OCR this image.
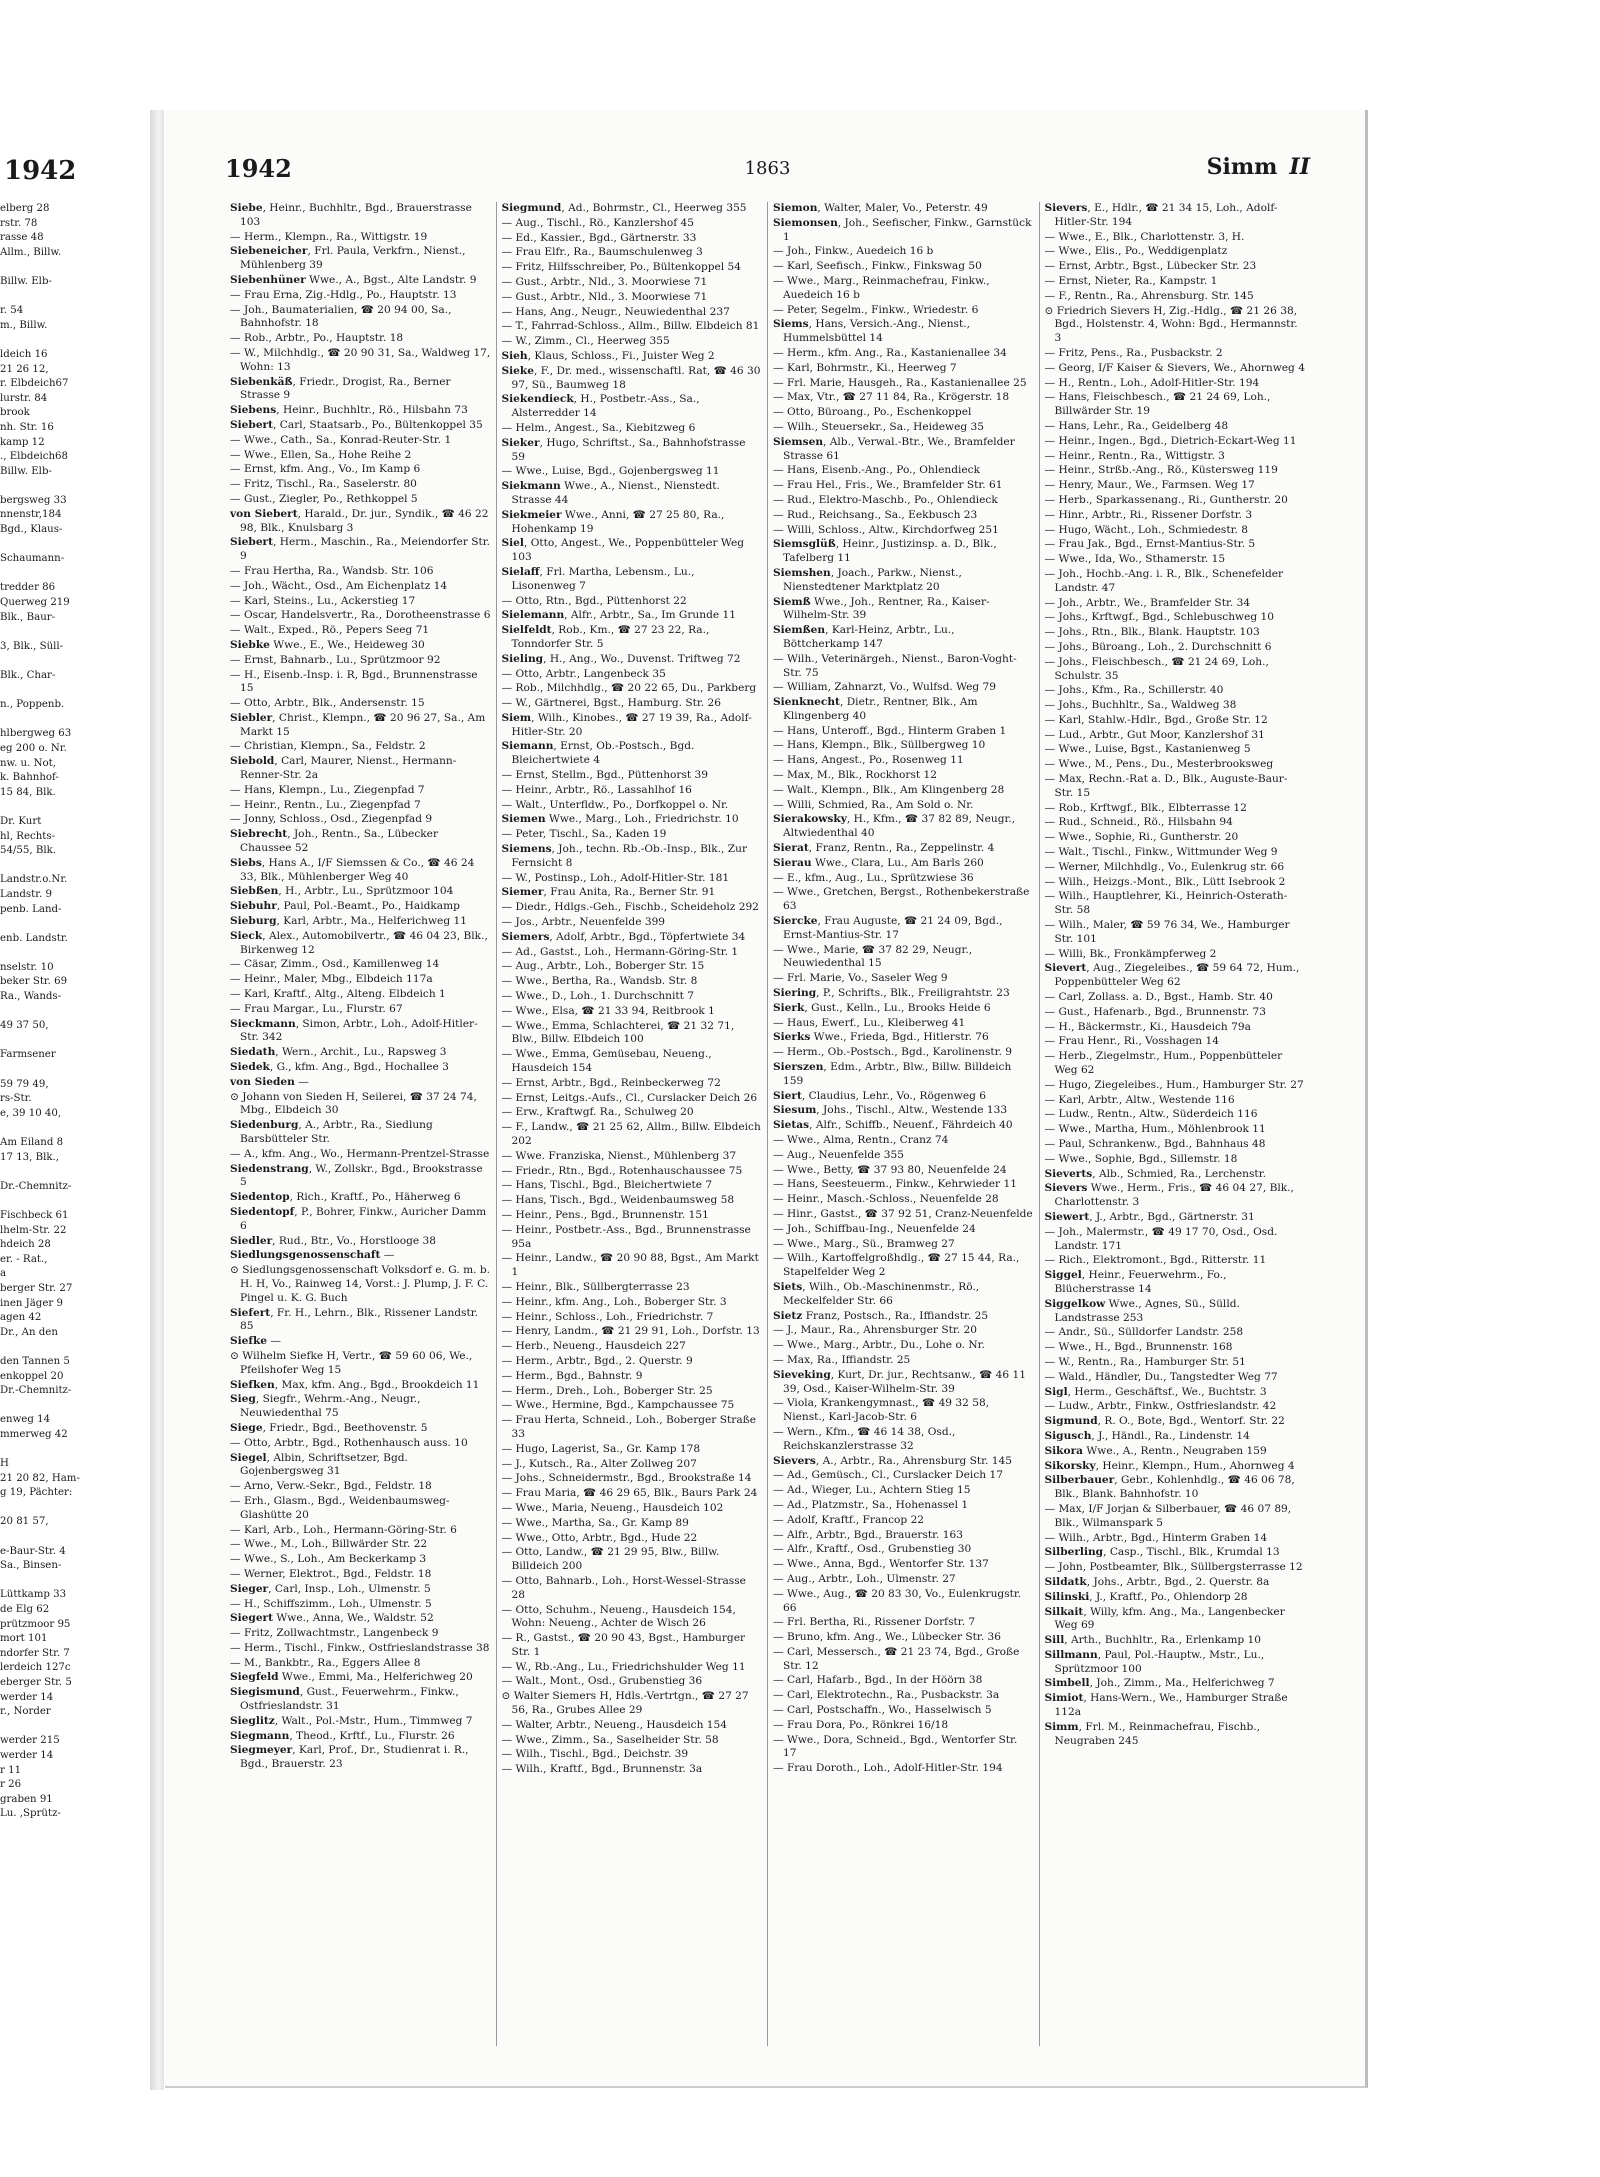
1942
elberg 28
rstr. 78
rasse 48
Allm., Billw.

Billw. Elb-

r. 54
m., Billw.

ldeich 16
21 26 12,
r. Elbdeich67
lurstr. 84
brook
nh. Str. 16
kamp 12
., Elbdeich68
Billw. Elb-

bergsweg 33
nnenstr,184
Bgd., Klaus-

Schaumann-

tredder 86
Querweg 219
Blk., Baur-

3, Blk., Süll-

Blk., Char-

n., Poppenb.

hlbergweg 63
eg 200 o. Nr.
nw. u. Not,
k. Bahnhof-
15 84, Blk.

Dr. Kurt
hl, Rechts-
54/55, Blk.

Landstr.o.Nr.
Landstr. 9
penb. Land-

enb. Landstr.

nselstr. 10
beker Str. 69
Ra., Wands-

49 37 50,

Farmsener

59 79 49,
rs-Str.
e, 39 10 40,

Am Eiland 8
17 13, Blk.,

Dr.-Chemnitz-

Fischbeck 61
lhelm-Str. 22
hdeich 28
er. - Rat.,
a
berger Str. 27
inen Jäger 9
agen 42
Dr., An den

den Tannen 5
enkoppel 20
Dr.-Chemnitz-

enweg 14
mmerweg 42

H
21 20 82, Ham-
g 19, Pächter:

20 81 57,

e-Baur-Str. 4
Sa., Binsen-

Lüttkamp 33
de Elg 62
prützmoor 95
mort 101
ndorfer Str. 7
lerdeich 127c
eberger Str. 5
werder 14
r., Norder

werder 215
werder 14
r 11
r 26
graben 91
Lu. ,Sprütz-
1942	1863	Simm II

Siebe, Heinr., Buchhltr., Bgd., Brauerstrasse 103

— Herm., Klempn., Ra., Wittigstr. 19

Siebeneicher, Frl. Paula, Verkfrn., Nienst., Mühlenberg 39

Siebenhüner Wwe., A., Bgst., Alte Landstr. 9

— Frau Erna, Zig.-Hdlg., Po., Hauptstr. 13

— Joh., Baumaterialien, ☎ 20 94 00, Sa., Bahnhofstr. 18

— Rob., Arbtr., Po., Hauptstr. 18

— W., Milchhdlg., ☎ 20 90 31, Sa., Waldweg 17, Wohn: 13

Siebenkäß, Friedr., Drogist, Ra., Berner Strasse 9

Siebens, Heinr., Buchhltr., Rö., Hilsbahn 73

Siebert, Carl, Staatsarb., Po., Bültenkoppel 35

— Wwe., Cath., Sa., Konrad-Reuter-Str. 1

— Wwe., Ellen, Sa., Hohe Reihe 2

— Ernst, kfm. Ang., Vo., Im Kamp 6

— Fritz, Tischl., Ra., Saselerstr. 80

— Gust., Ziegler, Po., Rethkoppel 5

von Siebert, Harald., Dr. jur., Syndik., ☎ 46 22 98, Blk., Knulsbarg 3

Siebert, Herm., Maschin., Ra., Meiendorfer Str. 9

— Frau Hertha, Ra., Wandsb. Str. 106

— Joh., Wächt., Osd., Am Eichenplatz 14

— Karl, Steins., Lu., Ackerstieg 17

— Oscar, Handelsvertr., Ra., Dorotheenstrasse 6

— Walt., Exped., Rö., Pepers Seeg 71

Siebke Wwe., E., We., Heideweg 30

— Ernst, Bahnarb., Lu., Sprützmoor 92

— H., Eisenb.-Insp. i. R, Bgd., Brunnenstrasse 15

— Otto, Arbtr., Blk., Andersenstr. 15

Siebler, Christ., Klempn., ☎ 20 96 27, Sa., Am Markt 15

— Christian, Klempn., Sa., Feldstr. 2

Siebold, Carl, Maurer, Nienst., Hermann-Renner-Str. 2a

— Hans, Klempn., Lu., Ziegenpfad 7

— Heinr., Rentn., Lu., Ziegenpfad 7

— Jonny, Schloss., Osd., Ziegenpfad 9

Siebrecht, Joh., Rentn., Sa., Lübecker Chaussee 52

Siebs, Hans A., I/F Siemssen & Co., ☎ 46 24 33, Blk., Mühlenberger Weg 40

Siebßen, H., Arbtr., Lu., Sprützmoor 104

Siebuhr, Paul, Pol.-Beamt., Po., Haidkamp

Sieburg, Karl, Arbtr., Ma., Helferichweg 11

Sieck, Alex., Automobilvertr., ☎ 46 04 23, Blk., Birkenweg 12

— Cäsar, Zimm., Osd., Kamillenweg 14

— Heinr., Maler, Mbg., Elbdeich 117a

— Karl, Kraftf., Altg., Alteng. Elbdeich 1

— Frau Margar., Lu., Flurstr. 67

Sieckmann, Simon, Arbtr., Loh., Adolf-Hitler-Str. 342

Siedath, Wern., Archit., Lu., Rapsweg 3

Siedek, G., kfm. Ang., Bgd., Hochallee 3

von Sieden —

⊙ Johann von Sieden H, Seilerei, ☎ 37 24 74, Mbg., Elbdeich 30

Siedenburg, A., Arbtr., Ra., Siedlung Barsbütteler Str.

— A., kfm. Ang., Wo., Hermann-Prentzel-Strasse

Siedenstrang, W., Zollskr., Bgd., Brookstrasse 5

Siedentop, Rich., Kraftf., Po., Häherweg 6

Siedentopf, P., Bohrer, Finkw., Auricher Damm 6

Siedler, Rud., Btr., Vo., Horstlooge 38

Siedlungsgenossenschaft —

⊙ Siedlungsgenossenschaft Volksdorf e. G. m. b. H. H, Vo., Rainweg 14, Vorst.: J. Plump, J. F. C. Pingel u. K. G. Buch

Siefert, Fr. H., Lehrn., Blk., Rissener Landstr. 85

Siefke —

⊙ Wilhelm Siefke H, Vertr., ☎ 59 60 06, We., Pfeilshofer Weg 15

Siefken, Max, kfm. Ang., Bgd., Brookdeich 11

Sieg, Siegfr., Wehrm.-Ang., Neugr., Neuwiedenthal 75

Siege, Friedr., Bgd., Beethovenstr. 5

— Otto, Arbtr., Bgd., Rothenhausch auss. 10

Siegel, Albin, Schriftsetzer, Bgd. Gojenbergsweg 31

— Arno, Verw.-Sekr., Bgd., Feldstr. 18

— Erh., Glasm., Bgd., Weidenbaumsweg-Glashütte 20

— Karl, Arb., Loh., Hermann-Göring-Str. 6

— Wwe., M., Loh., Billwärder Str. 22

— Wwe., S., Loh., Am Beckerkamp 3

— Werner, Elektrot., Bgd., Feldstr. 18

Sieger, Carl, Insp., Loh., Ulmenstr. 5

— H., Schiffszimm., Loh., Ulmenstr. 5

Siegert Wwe., Anna, We., Waldstr. 52

— Fritz, Zollwachtmstr., Langenbeck 9

— Herm., Tischl., Finkw., Ostfrieslandstrasse 38

— M., Bankbtr., Ra., Eggers Allee 8

Siegfeld Wwe., Emmi, Ma., Helferichweg 20

Siegismund, Gust., Feuerwehrm., Finkw., Ostfrieslandstr. 31

Sieglitz, Walt., Pol.-Mstr., Hum., Timmweg 7

Siegmann, Theod., Krftf., Lu., Flurstr. 26

Siegmeyer, Karl, Prof., Dr., Studienrat i. R., Bgd., Brauerstr. 23

Siegmund, Ad., Bohrmstr., Cl., Heerweg 355

— Aug., Tischl., Rö., Kanzlershof 45

— Ed., Kassier., Bgd., Gärtnerstr. 33

— Frau Elfr., Ra., Baumschulenweg 3

— Fritz, Hilfsschreiber, Po., Bültenkoppel 54

— Gust., Arbtr., Nld., 3. Moorwiese 71

— Gust., Arbtr., Nld., 3. Moorwiese 71

— Hans, Ang., Neugr., Neuwiedenthal 237

— T., Fahrrad-Schloss., Allm., Billw. Elbdeich 81

— W., Zimm., Cl., Heerweg 355

Sieh, Klaus, Schloss., Fi., Juister Weg 2

Sieke, F., Dr. med., wissenschaftl. Rat, ☎ 46 30 97, Sü., Baumweg 18

Siekendieck, H., Postbetr.-Ass., Sa., Alsterredder 14

— Helm., Angest., Sa., Kiebitzweg 6

Sieker, Hugo, Schriftst., Sa., Bahnhofstrasse 59

— Wwe., Luise, Bgd., Gojenbergsweg 11

Siekmann Wwe., A., Nienst., Nienstedt. Strasse 44

Siekmeier Wwe., Anni, ☎ 27 25 80, Ra., Hohenkamp 19

Siel, Otto, Angest., We., Poppenbütteler Weg 103

Sielaff, Frl. Martha, Lebensm., Lu., Lisonenweg 7

— Otto, Rtn., Bgd., Püttenhorst 22

Sielemann, Alfr., Arbtr., Sa., Im Grunde 11

Sielfeldt, Rob., Km., ☎ 27 23 22, Ra., Tonndorfer Str. 5

Sieling, H., Ang., Wo., Duvenst. Triftweg 72

— Otto, Arbtr., Langenbeck 35

— Rob., Milchhdlg., ☎ 20 22 65, Du., Parkberg

— W., Gärtnerei, Bgst., Hamburg. Str. 26

Siem, Wilh., Kinobes., ☎ 27 19 39, Ra., Adolf-Hitler-Str. 20

Siemann, Ernst, Ob.-Postsch., Bgd. Bleichertwiete 4

— Ernst, Stellm., Bgd., Püttenhorst 39

— Heinr., Arbtr., Rö., Lassahlhof 16

— Walt., Unterfldw., Po., Dorfkoppel o. Nr.

Siemen Wwe., Marg., Loh., Friedrichstr. 10

— Peter, Tischl., Sa., Kaden 19

Siemens, Joh., techn. Rb.-Ob.-Insp., Blk., Zur Fernsicht 8

— W., Postinsp., Loh., Adolf-Hitler-Str. 181

Siemer, Frau Anita, Ra., Berner Str. 91

— Diedr., Hdlgs.-Geh., Fischb., Scheideholz 292

— Jos., Arbtr., Neuenfelde 399

Siemers, Adolf, Arbtr., Bgd., Töpfertwiete 34

— Ad., Gastst., Loh., Hermann-Göring-Str. 1

— Aug., Arbtr., Loh., Boberger Str. 15

— Wwe., Bertha, Ra., Wandsb. Str. 8

— Wwe., D., Loh., 1. Durchschnitt 7

— Wwe., Elsa, ☎ 21 33 94, Reitbrook 1

— Wwe., Emma, Schlachterei, ☎ 21 32 71, Blw., Billw. Elbdeich 100

— Wwe., Emma, Gemüsebau, Neueng., Hausdeich 154

— Ernst, Arbtr., Bgd., Reinbeckerweg 72

— Ernst, Leitgs.-Aufs., Cl., Curslacker Deich 26

— Erw., Kraftwgf. Ra., Schulweg 20

— F., Landw., ☎ 21 25 62, Allm., Billw. Elbdeich 202

— Wwe. Franziska, Nienst., Mühlenberg 37

— Friedr., Rtn., Bgd., Rotenhauschaussee 75

— Hans, Tischl., Bgd., Bleichertwiete 7

— Hans, Tisch., Bgd., Weidenbaumsweg 58

— Heinr., Pens., Bgd., Brunnenstr. 151

— Heinr., Postbetr.-Ass., Bgd., Brunnenstrasse 95a

— Heinr., Landw., ☎ 20 90 88, Bgst., Am Markt 1

— Heinr., Blk., Süllbergterrasse 23

— Heinr., kfm. Ang., Loh., Boberger Str. 3

— Heinr., Schloss., Loh., Friedrichstr. 7

— Henry, Landm., ☎ 21 29 91, Loh., Dorfstr. 13

— Herb., Neueng., Hausdeich 227

— Herm., Arbtr., Bgd., 2. Querstr. 9

— Herm., Bgd., Bahnstr. 9

— Herm., Dreh., Loh., Boberger Str. 25

— Wwe., Hermine, Bgd., Kampchaussee 75

— Frau Herta, Schneid., Loh., Boberger Straße 33

— Hugo, Lagerist, Sa., Gr. Kamp 178

— J., Kutsch., Ra., Alter Zollweg 207

— Johs., Schneidermstr., Bgd., Brookstraße 14

— Frau Maria, ☎ 46 29 65, Blk., Baurs Park 24

— Wwe., Maria, Neueng., Hausdeich 102

— Wwe., Martha, Sa., Gr. Kamp 89

— Wwe., Otto, Arbtr., Bgd., Hude 22

— Otto, Landw., ☎ 21 29 95, Blw., Billw. Billdeich 200

— Otto, Bahnarb., Loh., Horst-Wessel-Strasse 28

— Otto, Schuhm., Neueng., Hausdeich 154, Wohn: Neueng., Achter de Wisch 26

— R., Gastst., ☎ 20 90 43, Bgst., Hamburger Str. 1

— W., Rb.-Ang., Lu., Friedrichshulder Weg 11

— Walt., Mont., Osd., Grubenstieg 36

⊙ Walter Siemers H, Hdls.-Vertrtgn., ☎ 27 27 56, Ra., Grubes Allee 29

— Walter, Arbtr., Neueng., Hausdeich 154

— Wwe., Zimm., Sa., Saselheider Str. 58

— Wilh., Tischl., Bgd., Deichstr. 39

— Wilh., Kraftf., Bgd., Brunnenstr. 3a

Siemon, Walter, Maler, Vo., Peterstr. 49

Siemonsen, Joh., Seefischer, Finkw., Garnstück 1

— Joh., Finkw., Auedeich 16 b

— Karl, Seefisch., Finkw., Finkswag 50

— Wwe., Marg., Reinmachefrau, Finkw., Auedeich 16 b

— Peter, Segelm., Finkw., Wriedestr. 6

Siems, Hans, Versich.-Ang., Nienst., Hummelsbüttel 14

— Herm., kfm. Ang., Ra., Kastanienallee 34

— Karl, Bohrmstr., Ki., Heerweg 7

— Frl. Marie, Hausgeh., Ra., Kastanienallee 25

— Max, Vtr., ☎ 27 11 84, Ra., Krögerstr. 18

— Otto, Büroang., Po., Eschenkoppel

— Wilh., Steuersekr., Sa., Heideweg 35

Siemsen, Alb., Verwal.-Btr., We., Bramfelder Strasse 61

— Hans, Eisenb.-Ang., Po., Ohlendieck

— Frau Hel., Fris., We., Bramfelder Str. 61

— Rud., Elektro-Maschb., Po., Ohlendieck

— Rud., Reichsang., Sa., Eekbusch 23

— Willi, Schloss., Altw., Kirchdorfweg 251

Siemsglüß, Heinr., Justizinsp. a. D., Blk., Tafelberg 11

Siemshen, Joach., Parkw., Nienst., Nienstedtener Marktplatz 20

Siemß Wwe., Joh., Rentner, Ra., Kaiser-Wilhelm-Str. 39

Siemßen, Karl-Heinz, Arbtr., Lu., Böttcherkamp 147

— Wilh., Veterinärgeh., Nienst., Baron-Voght-Str. 75

— William, Zahnarzt, Vo., Wulfsd. Weg 79

Sienknecht, Dietr., Rentner, Blk., Am Klingenberg 40

— Hans, Unteroff., Bgd., Hinterm Graben 1

— Hans, Klempn., Blk., Süllbergweg 10

— Hans, Angest., Po., Rosenweg 11

— Max, M., Blk., Rockhorst 12

— Walt., Klempn., Blk., Am Klingenberg 28

— Willi, Schmied, Ra., Am Sold o. Nr.

Sierakowsky, H., Kfm., ☎ 37 82 89, Neugr., Altwiedenthal 40

Sierat, Franz, Rentn., Ra., Zeppelinstr. 4

Sierau Wwe., Clara, Lu., Am Barls 260

— E., kfm., Aug., Lu., Sprützwiese 36

— Wwe., Gretchen, Bergst., Rothenbekerstraße 63

Siercke, Frau Auguste, ☎ 21 24 09, Bgd., Ernst-Mantius-Str. 17

— Wwe., Marie, ☎ 37 82 29, Neugr., Neuwiedenthal 15

— Frl. Marie, Vo., Saseler Weg 9

Siering, P., Schrifts., Blk., Freiligrahtstr. 23

Sierk, Gust., Kelln., Lu., Brooks Heide 6

— Haus, Ewerf., Lu., Kleiberweg 41

Sierks Wwe., Frieda, Bgd., Hitlerstr. 76

— Herm., Ob.-Postsch., Bgd., Karolinenstr. 9

Sierszen, Edm., Arbtr., Blw., Billw. Billdeich 159

Siert, Claudius, Lehr., Vo., Rögenweg 6

Siesum, Johs., Tischl., Altw., Westende 133

Sietas, Alfr., Schiffb., Neuenf., Fährdeich 40

— Wwe., Alma, Rentn., Cranz 74

— Aug., Neuenfelde 355

— Wwe., Betty, ☎ 37 93 80, Neuenfelde 24

— Hans, Seesteuerm., Finkw., Kehrwieder 11

— Heinr., Masch.-Schloss., Neuenfelde 28

— Hinr., Gastst., ☎ 37 92 51, Cranz-Neuenfelde

— Joh., Schiffbau-Ing., Neuenfelde 24

— Wwe., Marg., Sü., Bramweg 27

— Wilh., Kartoffelgroßhdlg., ☎ 27 15 44, Ra., Stapelfelder Weg 2

Siets, Wilh., Ob.-Maschinenmstr., Rö., Meckelfelder Str. 66

Sietz Franz, Postsch., Ra., Iffiandstr. 25

— J., Maur., Ra., Ahrensburger Str. 20

— Wwe., Marg., Arbtr., Du., Lohe o. Nr.

— Max, Ra., Iffiandstr. 25

Sieveking, Kurt, Dr. jur., Rechtsanw., ☎ 46 11 39, Osd., Kaiser-Wilhelm-Str. 39

— Viola, Krankengymnast., ☎ 49 32 58, Nienst., Karl-Jacob-Str. 6

— Wern., Kfm., ☎ 46 14 38, Osd., Reichskanzlerstrasse 32

Sievers, A., Arbtr., Ra., Ahrensburg Str. 145

— Ad., Gemüsch., Cl., Curslacker Deich 17

— Ad., Wieger, Lu., Achtern Stieg 15

— Ad., Platzmstr., Sa., Hohenassel 1

— Adolf, Kraftf., Francop 22

— Alfr., Arbtr., Bgd., Brauerstr. 163

— Alfr., Kraftf., Osd., Grubenstieg 30

— Wwe., Anna, Bgd., Wentorfer Str. 137

— Aug., Arbtr., Loh., Ulmenstr. 27

— Wwe., Aug., ☎ 20 83 30, Vo., Eulenkrugstr. 66

— Frl. Bertha, Ri., Rissener Dorfstr. 7

— Bruno, kfm. Ang., We., Lübecker Str. 36

— Carl, Messersch., ☎ 21 23 74, Bgd., Große Str. 12

— Carl, Hafarb., Bgd., In der Höörn 38

— Carl, Elektrotechn., Ra., Pusbackstr. 3a

— Carl, Postschaffn., Wo., Hasselwisch 5

— Frau Dora, Po., Rönkrei 16/18

— Wwe., Dora, Schneid., Bgd., Wentorfer Str. 17

— Frau Doroth., Loh., Adolf-Hitler-Str. 194

Sievers, E., Hdlr., ☎ 21 34 15, Loh., Adolf-Hitler-Str. 194

— Wwe., E., Blk., Charlottenstr. 3, H.

— Wwe., Elis., Po., Weddigenplatz

— Ernst, Arbtr., Bgst., Lübecker Str. 23

— Ernst, Nieter, Ra., Kampstr. 1

— F., Rentn., Ra., Ahrensburg. Str. 145

⊙ Friedrich Sievers H, Zig.-Hdlg., ☎ 21 26 38, Bgd., Holstenstr. 4, Wohn: Bgd., Hermannstr. 3

— Fritz, Pens., Ra., Pusbackstr. 2

— Georg, I/F Kaiser & Sievers, We., Ahornweg 4

— H., Rentn., Loh., Adolf-Hitler-Str. 194

— Hans, Fleischbesch., ☎ 21 24 69, Loh., Billwärder Str. 19

— Hans, Lehr., Ra., Geidelberg 48

— Heinr., Ingen., Bgd., Dietrich-Eckart-Weg 11

— Heinr., Rentn., Ra., Wittigstr. 3

— Heinr., Strßb.-Ang., Rö., Küstersweg 119

— Henry, Maur., We., Farmsen. Weg 17

— Herb., Sparkassenang., Ri., Guntherstr. 20

— Hinr., Arbtr., Ri., Rissener Dorfstr. 3

— Hugo, Wächt., Loh., Schmiedestr. 8

— Frau Jak., Bgd., Ernst-Mantius-Str. 5

— Wwe., Ida, Wo., Sthamerstr. 15

— Joh., Hochb.-Ang. i. R., Blk., Schenefelder Landstr. 47

— Joh., Arbtr., We., Bramfelder Str. 34

— Johs., Krftwgf., Bgd., Schlebuschweg 10

— Johs., Rtn., Blk., Blank. Hauptstr. 103

— Johs., Büroang., Loh., 2. Durchschnitt 6

— Johs., Fleischbesch., ☎ 21 24 69, Loh., Schulstr. 35

— Johs., Kfm., Ra., Schillerstr. 40

— Johs., Buchhltr., Sa., Waldweg 38

— Karl, Stahlw.-Hdlr., Bgd., Große Str. 12

— Lud., Arbtr., Gut Moor, Kanzlershof 31

— Wwe., Luise, Bgst., Kastanienweg 5

— Wwe., M., Pens., Du., Mesterbrooksweg

— Max, Rechn.-Rat a. D., Blk., Auguste-Baur-Str. 15

— Rob., Krftwgf., Blk., Elbterrasse 12

— Rud., Schneid., Rö., Hilsbahn 94

— Wwe., Sophie, Ri., Guntherstr. 20

— Walt., Tischl., Finkw., Wittmunder Weg 9

— Werner, Milchhdlg., Vo., Eulenkrug str. 66

— Wilh., Heizgs.-Mont., Blk., Lütt Isebrook 2

— Wilh., Hauptlehrer, Ki., Heinrich-Osterath-Str. 58

— Wilh., Maler, ☎ 59 76 34, We., Hamburger Str. 101

— Willi, Bk., Fronkämpferweg 2

Sievert, Aug., Ziegeleibes., ☎ 59 64 72, Hum., Poppenbütteler Weg 62

— Carl, Zollass. a. D., Bgst., Hamb. Str. 40

— Gust., Hafenarb., Bgd., Brunnenstr. 73

— H., Bäckermstr., Ki., Hausdeich 79a

— Frau Henr., Ri., Vosshagen 14

— Herb., Ziegelmstr., Hum., Poppenbütteler Weg 62

— Hugo, Ziegeleibes., Hum., Hamburger Str. 27

— Karl, Arbtr., Altw., Westende 116

— Ludw., Rentn., Altw., Süderdeich 116

— Wwe., Martha, Hum., Möhlenbrook 11

— Paul, Schrankenw., Bgd., Bahnhaus 48

— Wwe., Sophie, Bgd., Sillemstr. 18

Sieverts, Alb., Schmied, Ra., Lerchenstr.

Sievers Wwe., Herm., Fris., ☎ 46 04 27, Blk., Charlottenstr. 3

Siewert, J., Arbtr., Bgd., Gärtnerstr. 31

— Joh., Malermstr., ☎ 49 17 70, Osd., Osd. Landstr. 171

— Rich., Elektromont., Bgd., Ritterstr. 11

Siggel, Heinr., Feuerwehrm., Fo., Blücherstrasse 14

Siggelkow Wwe., Agnes, Sü., Sülld. Landstrasse 253

— Andr., Sü., Sülldorfer Landstr. 258

— Wwe., H., Bgd., Brunnenstr. 168

— W., Rentn., Ra., Hamburger Str. 51

— Wald., Händler, Du., Tangstedter Weg 77

Sigl, Herm., Geschäftsf., We., Buchtstr. 3

— Ludw., Arbtr., Finkw., Ostfrieslandstr. 42

Sigmund, R. O., Bote, Bgd., Wentorf. Str. 22

Sigusch, J., Händl., Ra., Lindenstr. 14

Sikora Wwe., A., Rentn., Neugraben 159

Sikorsky, Heinr., Klempn., Hum., Ahornweg 4

Silberbauer, Gebr., Kohlenhdlg., ☎ 46 06 78, Blk., Blank. Bahnhofstr. 10

— Max, I/F Jorjan & Silberbauer, ☎ 46 07 89, Blk., Wilmanspark 5

— Wilh., Arbtr., Bgd., Hinterm Graben 14

Silberling, Casp., Tischl., Blk., Krumdal 13

— John, Postbeamter, Blk., Süllbergsterrasse 12

Sildatk, Johs., Arbtr., Bgd., 2. Querstr. 8a

Silinski, J., Kraftf., Po., Ohlendorp 28

Silkait, Willy, kfm. Ang., Ma., Langenbecker Weg 69

Sill, Arth., Buchhltr., Ra., Erlenkamp 10

Sillmann, Paul, Pol.-Hauptw., Mstr., Lu., Sprützmoor 100

Simbell, Joh., Zimm., Ma., Helferichweg 7

Simiot, Hans-Wern., We., Hamburger Straße 112a

Simm, Frl. M., Reinmachefrau, Fischb., Neugraben 245
